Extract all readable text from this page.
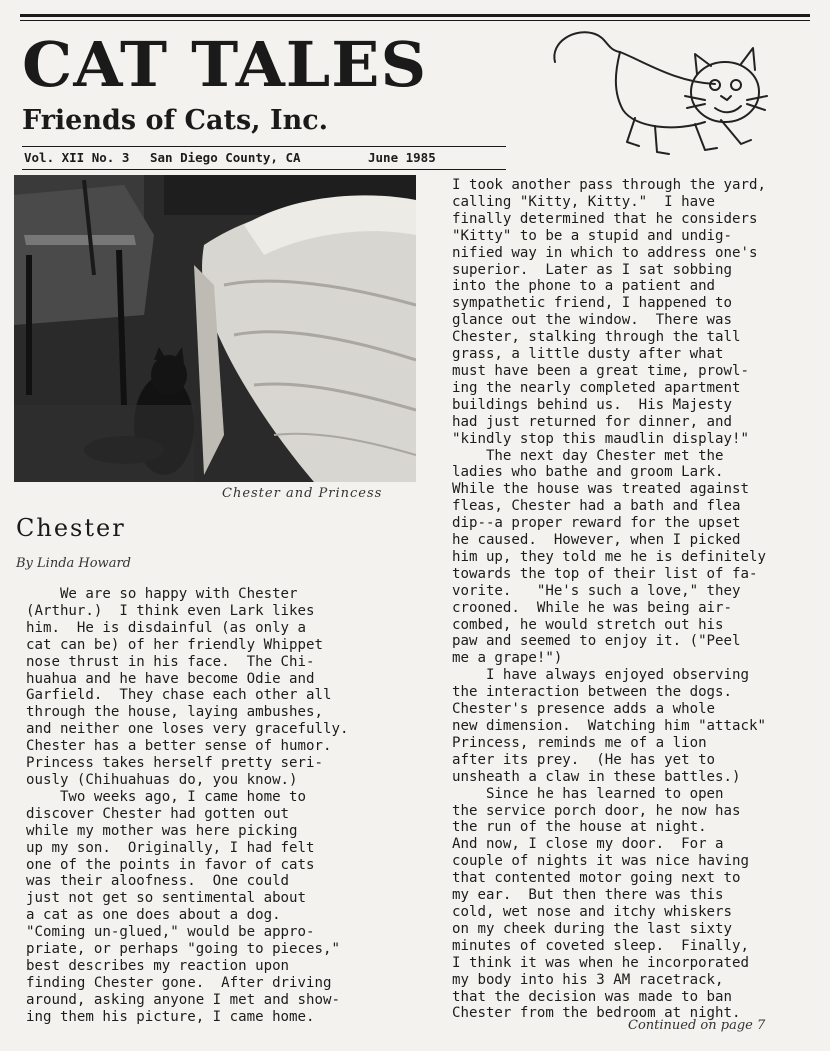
CAT TALES
Friends of Cats, Inc.
Vol. XII No. 3 San Diego County, CA	June 1985
Chester and Princess
Chester
By Linda Howard
We are so happy with Chester
(Arthur.)  I think even Lark likes
him.  He is disdainful (as only a
cat can be) of her friendly Whippet
nose thrust in his face.  The Chi-
huahua and he have become Odie and
Garfield.  They chase each other all
through the house, laying ambushes,
and neither one loses very gracefully.
Chester has a better sense of humor.
Princess takes herself pretty seri-
ously (Chihuahuas do, you know.)
Two weeks ago, I came home to
discover Chester had gotten out
while my mother was here picking
up my son.  Originally, I had felt
one of the points in favor of cats
was their aloofness.  One could
just not get so sentimental about
a cat as one does about a dog.
"Coming un-glued," would be appro-
priate, or perhaps "going to pieces,"
best describes my reaction upon
finding Chester gone.  After driving
around, asking anyone I met and show-
ing them his picture, I came home.
I took another pass through the yard,
calling "Kitty, Kitty."  I have
finally determined that he considers
"Kitty" to be a stupid and undig-
nified way in which to address one's
superior.  Later as I sat sobbing
into the phone to a patient and
sympathetic friend, I happened to
glance out the window.  There was
Chester, stalking through the tall
grass, a little dusty after what
must have been a great time, prowl-
ing the nearly completed apartment
buildings behind us.  His Majesty
had just returned for dinner, and
"kindly stop this maudlin display!"
The next day Chester met the
ladies who bathe and groom Lark.
While the house was treated against
fleas, Chester had a bath and flea
dip--a proper reward for the upset
he caused.  However, when I picked
him up, they told me he is definitely
towards the top of their list of fa-
vorite.   "He's such a love," they
crooned.  While he was being air-
combed, he would stretch out his
paw and seemed to enjoy it. ("Peel
me a grape!")
I have always enjoyed observing
the interaction between the dogs.
Chester's presence adds a whole
new dimension.  Watching him "attack"
Princess, reminds me of a lion
after its prey.  (He has yet to
unsheath a claw in these battles.)
Since he has learned to open
the service porch door, he now has
the run of the house at night.
And now, I close my door.  For a
couple of nights it was nice having
that contented motor going next to
my ear.  But then there was this
cold, wet nose and itchy whiskers
on my cheek during the last sixty
minutes of coveted sleep.  Finally,
I think it was when he incorporated
my body into his 3 AM racetrack,
that the decision was made to ban
Chester from the bedroom at night.
Continued on page 7
